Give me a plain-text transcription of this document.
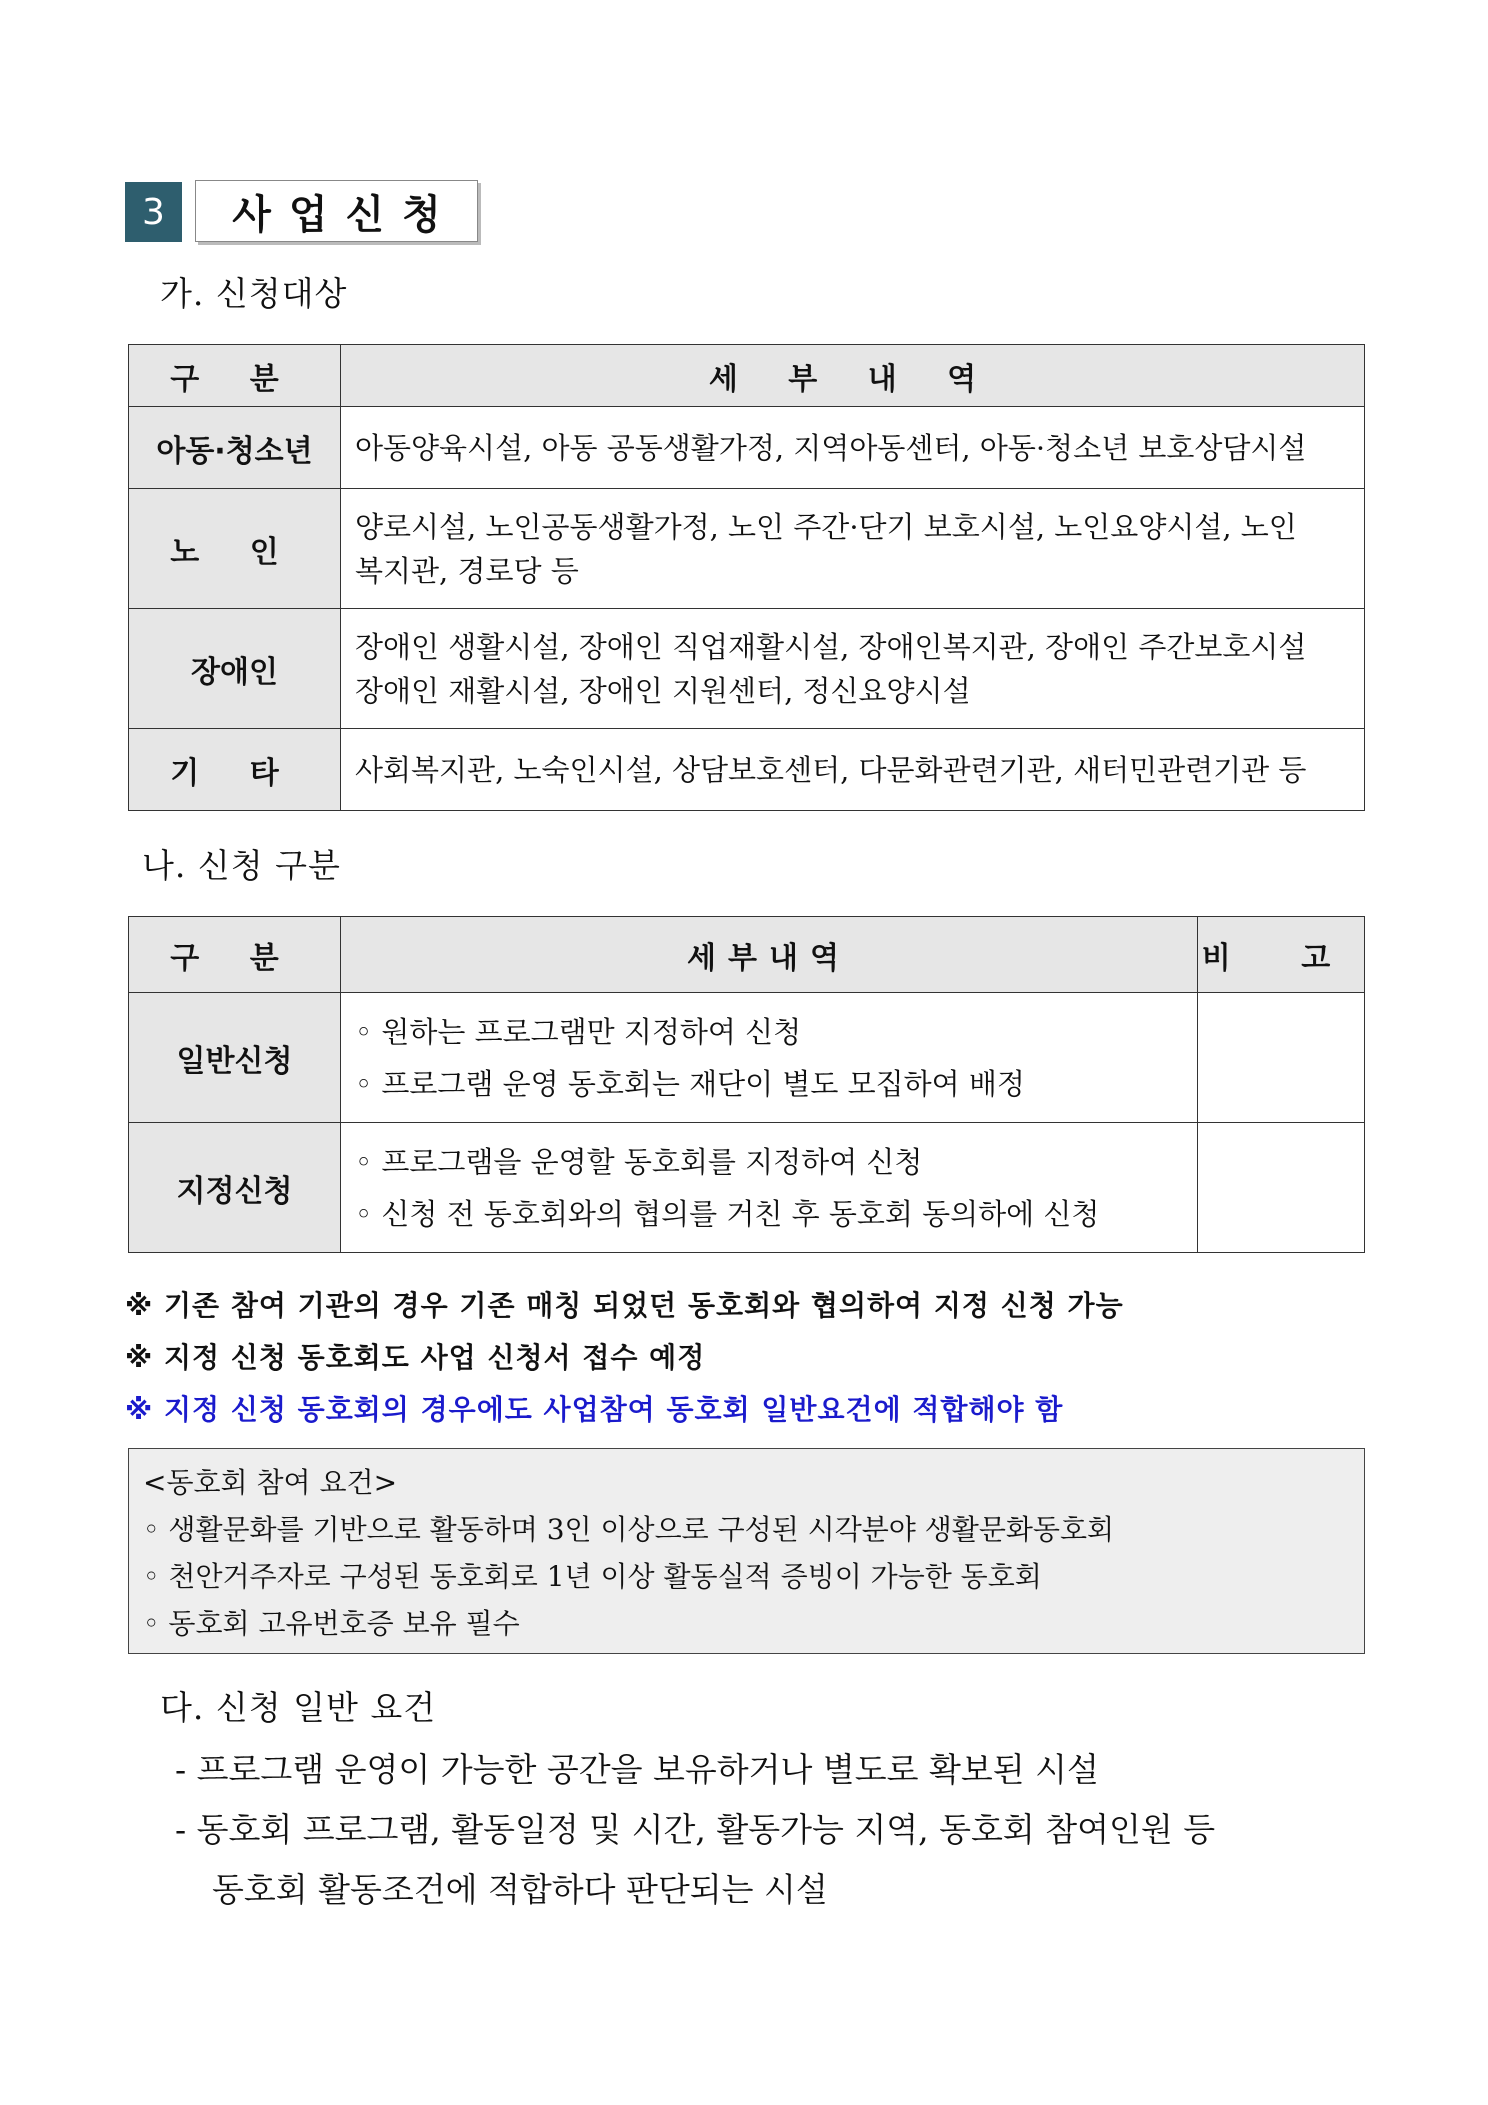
3	사업신청
가. 신청대상
구 분	세 부 내 역
아동·청소년	아동양육시설, 아동 공동생활가정, 지역아동센터, 아동·청소년 보호상담시설

노 인	양로시설, 노인공동생활가정, 노인 주간·단기 보호시설, 노인요양시설, 노인
복지관, 경로당 등

장애인	장애인 생활시설, 장애인 직업재활시설, 장애인복지관, 장애인 주간보호시설
장애인 재활시설, 장애인 지원센터, 정신요양시설

기 타	사회복지관, 노숙인시설, 상담보호센터, 다문화관련기관, 새터민관련기관 등
나. 신청 구분
구 분	세부내역	비 고
일반신청	◦ 원하는 프로그램만 지정하여 신청
◦ 프로그램 운영 동호회는 재단이 별도 모집하여 배정	

지정신청	◦ 프로그램을 운영할 동호회를 지정하여 신청
◦ 신청 전 동호회와의 협의를 거친 후 동호회 동의하에 신청	

※ 기존 참여 기관의 경우 기존 매칭 되었던 동호회와 협의하여 지정 신청 가능
※ 지정 신청 동호회도 사업 신청서 접수 예정
※ 지정 신청 동호회의 경우에도 사업참여 동호회 일반요건에 적합해야 함
<동호회 참여 요건>
◦ 생활문화를 기반으로 활동하며 3인 이상으로 구성된 시각분야 생활문화동호회
◦ 천안거주자로 구성된 동호회로 1년 이상 활동실적 증빙이 가능한 동호회
◦ 동호회 고유번호증 보유 필수
다. 신청 일반 요건
- 프로그램 운영이 가능한 공간을 보유하거나 별도로 확보된 시설
- 동호회 프로그램, 활동일정 및 시간, 활동가능 지역, 동호회 참여인원 등
동호회 활동조건에 적합하다 판단되는 시설
